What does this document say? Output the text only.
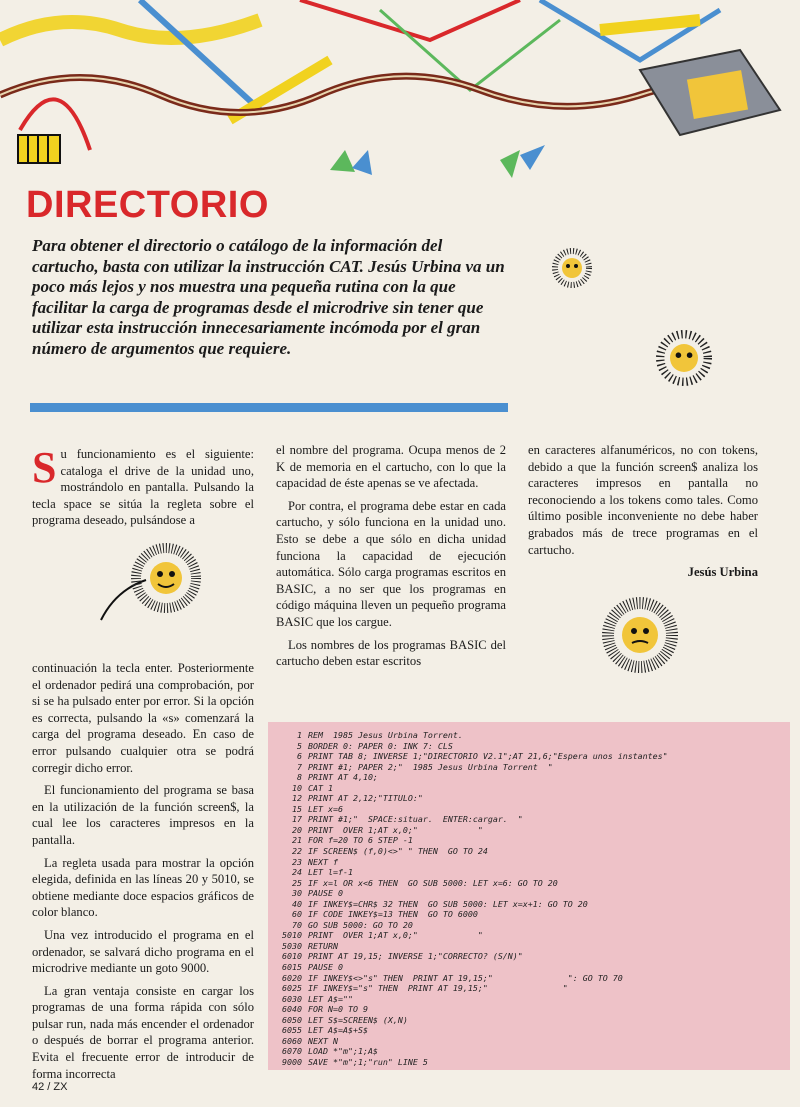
DIRECTORIO

Para obtener el directorio o catálogo de la información del cartucho, basta con utilizar la instrucción CAT. Jesús Urbina va un poco más lejos y nos muestra una pequeña rutina con la que facilitar la carga de programas desde el microdrive sin tener que utilizar esta instrucción innecesariamente incómoda por el gran número de argumentos que requiere.

Su funcionamiento es el siguiente: cataloga el drive de la unidad uno, mostrándolo en pantalla. Pulsando la tecla space se sitúa la regleta sobre el programa deseado, pulsándose a

continuación la tecla enter. Posteriormente el ordenador pedirá una comprobación, por si se ha pulsado enter por error. Si la opción es correcta, pulsando la «s» comenzará la carga del programa deseado. En caso de error pulsando cualquier otra se podrá corregir dicho error.

El funcionamiento del programa se basa en la utilización de la función screen$, la cual lee los caracteres impresos en la pantalla.

La regleta usada para mostrar la opción elegida, definida en las líneas 20 y 5010, se obtiene mediante doce espacios gráficos de color blanco.

Una vez introducido el programa en el ordenador, se salvará dicho programa en el microdrive mediante un goto 9000.

La gran ventaja consiste en cargar los programas de una forma rápida con sólo pulsar run, nada más encender el ordenador o después de borrar el programa anterior. Evita el frecuente error de introducir de forma incorrecta

el nombre del programa. Ocupa menos de 2 K de memoria en el cartucho, con lo que la capacidad de éste apenas se ve afectada.

Por contra, el programa debe estar en cada cartucho, y sólo funciona en la unidad uno. Esto se debe a que sólo en dicha unidad funciona la capacidad de ejecución automática. Sólo carga programas escritos en BASIC, a no ser que los programas en código máquina lleven un pequeño programa BASIC que los cargue.

Los nombres de los programas BASIC del cartucho deben estar escritos

en caracteres alfanuméricos, no con tokens, debido a que la función screen$ analiza los caracteres impresos en pantalla no reconociendo a los tokens como tales. Como último posible inconveniente no debe haber grabados más de trece programas en el cartucho.

Jesús Urbina
1 REM  1985 Jesus Urbina Torrent.
5 BORDER 0: PAPER 0: INK 7: CLS
6 PRINT TAB 8; INVERSE 1;"DIRECTORIO V2.1";AT 21,6;"Espera unos instantes"
7 PRINT #1; PAPER 2;"  1985 Jesus Urbina Torrent  "
8 PRINT AT 4,10;
10 CAT 1
12 PRINT AT 2,12;"TITULO:"
15 LET x=6
17 PRINT #1;"  SPACE:situar.  ENTER:cargar.  "
20 PRINT  OVER 1;AT x,0;"            "
21 FOR f=20 TO 6 STEP -1
22 IF SCREEN$ (f,0)<>" " THEN  GO TO 24
23 NEXT f
24 LET l=f-1
25 IF x=l OR x<6 THEN  GO SUB 5000: LET x=6: GO TO 20
30 PAUSE 0
40 IF INKEY$=CHR$ 32 THEN  GO SUB 5000: LET x=x+1: GO TO 20
60 IF CODE INKEY$=13 THEN  GO TO 6000
70 GO SUB 5000: GO TO 20
5010 PRINT  OVER 1;AT x,0;"            "
5030 RETURN
6010 PRINT AT 19,15; INVERSE 1;"CORRECTO? (S/N)"
6015 PAUSE 0
6020 IF INKEY$<>"s" THEN  PRINT AT 19,15;"               ": GO TO 70
6025 IF INKEY$="s" THEN  PRINT AT 19,15;"               "
6030 LET A$=""
6040 FOR N=0 TO 9
6050 LET S$=SCREEN$ (X,N)
6055 LET A$=A$+S$
6060 NEXT N
6070 LOAD *"m";1;A$
9000 SAVE *"m";1;"run" LINE 5
42 / ZX
